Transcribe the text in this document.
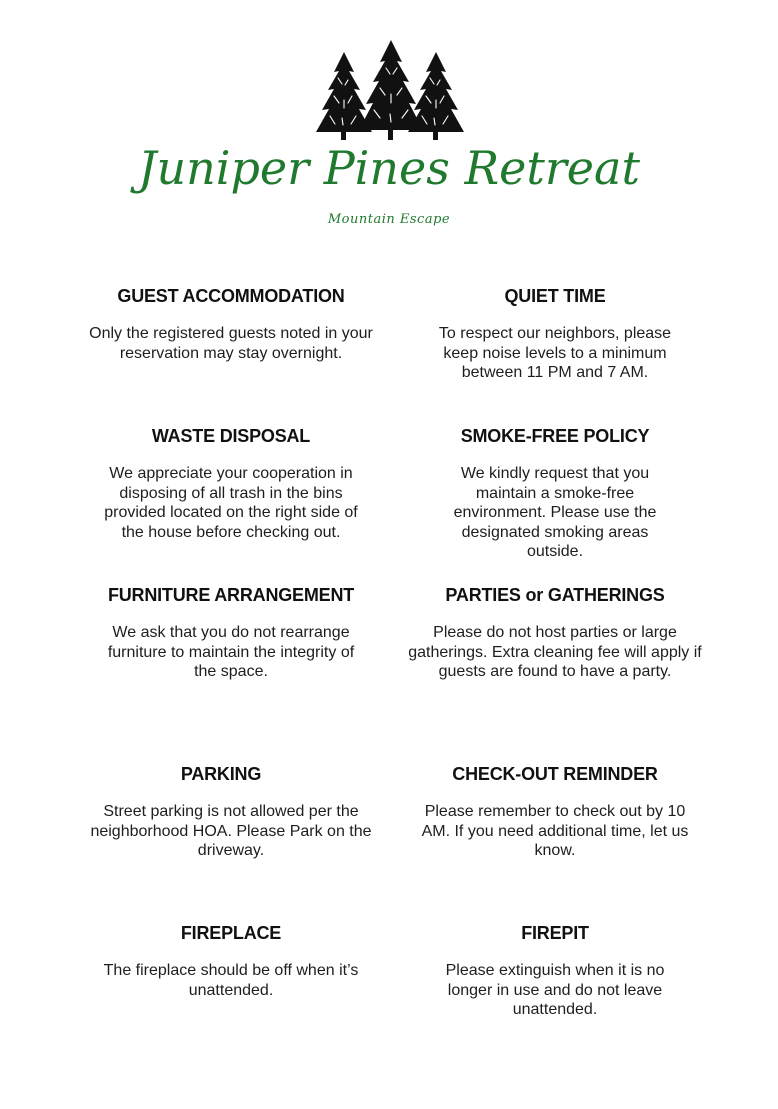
Juniper Pines Retreat
Mountain Escape
GUEST ACCOMMODATION

Only the registered guests noted in your reservation may stay overnight.

QUIET TIME

To respect our neighbors, please keep noise levels to a minimum between 11 PM and 7 AM.

WASTE DISPOSAL

We appreciate your cooperation in disposing of all trash in the bins provided located on the right side of the house before checking out.

SMOKE-FREE POLICY

We kindly request that you maintain a smoke-free environment. Please use the designated smoking areas outside.

FURNITURE ARRANGEMENT

We ask that you do not rearrange furniture to maintain the integrity of the space.

PARTIES or GATHERINGS

Please do not host parties or large gatherings. Extra cleaning fee will apply if guests are found to have a party.

PARKING

Street parking is not allowed per the neighborhood HOA. Please Park on the driveway.

CHECK-OUT REMINDER

Please remember to check out by 10 AM. If you need additional time, let us know.

FIREPLACE

The fireplace should be off when it’s unattended.

FIREPIT

Please extinguish when it is no longer in use and do not leave unattended.
